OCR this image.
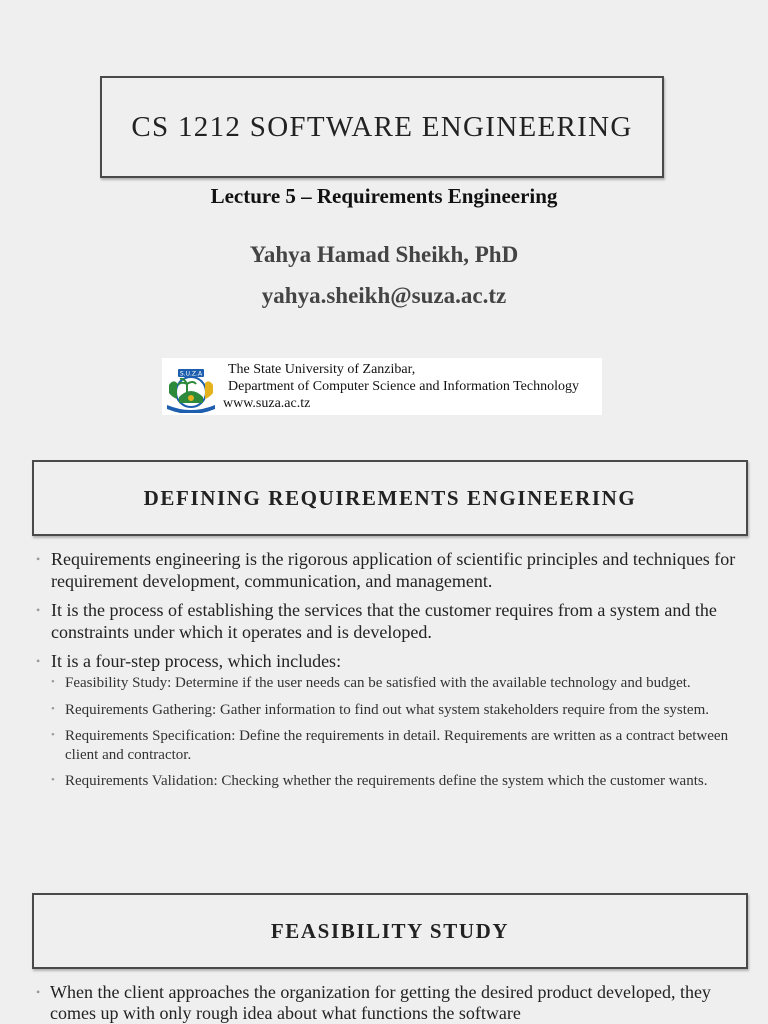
CS 1212 SOFTWARE ENGINEERING
Lecture 5 – Requirements Engineering
Yahya Hamad Sheikh, PhD
yahya.sheikh@suza.ac.tz
S.U.Z.A The State University of Zanzibar,
Department of Computer Science and Information Technology
www.suza.ac.tz
DEFINING REQUIREMENTS ENGINEERING
• Requirements engineering is the rigorous application of scientific principles and techniques for requirement development, communication, and management.
• It is the process of establishing the services that the customer requires from a system and the constraints under which it operates and is developed.
• It is a four-step process, which includes:
• Feasibility Study: Determine if the user needs can be satisfied with the available technology and budget.
• Requirements Gathering: Gather information to find out what system stakeholders require from the system.
• Requirements Specification: Define the requirements in detail. Requirements are written as a contract between client and contractor.
• Requirements Validation: Checking whether the requirements define the system which the customer wants.
FEASIBILITY STUDY
• When the client approaches the organization for getting the desired product developed, they comes up with only rough idea about what functions the software
